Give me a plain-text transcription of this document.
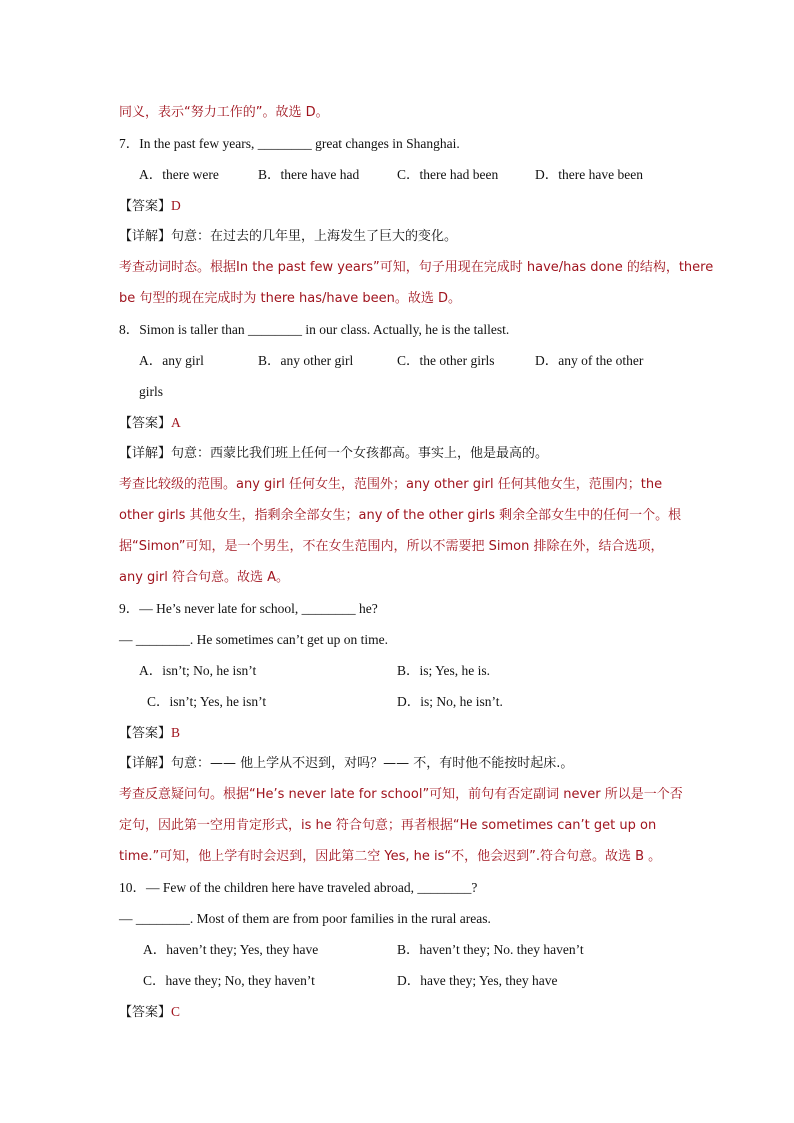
同义，表示“努力工作的”。故选 D。
7．In the past few years, ________ great changes in Shanghai.
A．there were	B．there have had	C．there had been	D．there have been
【答案】D
【详解】句意：在过去的几年里，上海发生了巨大的变化。
考查动词时态。根据In the past few years”可知，句子用现在完成时 have/has done 的结构，there
be 句型的现在完成时为 there has/have been。故选 D。
8．Simon is taller than ________ in our class. Actually, he is the tallest.
A．any girl	B．any other girl	C．the other girls	D．any of the other
girls
【答案】A
【详解】句意：西蒙比我们班上任何一个女孩都高。事实上，他是最高的。
考查比较级的范围。any girl 任何女生，范围外；any other girl 任何其他女生，范围内；the
other girls 其他女生，指剩余全部女生；any of the other girls 剩余全部女生中的任何一个。根
据“Simon”可知，是一个男生，不在女生范围内，所以不需要把 Simon 排除在外，结合选项，
any girl 符合句意。故选 A。
9．— He’s never late for school, ________ he?
— ________. He sometimes can’t get up on time.
A．isn’t; No, he isn’t	B．is; Yes, he is.
C．isn’t; Yes, he isn’t	D．is; No, he isn’t.
【答案】B
【详解】句意：—— 他上学从不迟到，对吗？—— 不，有时他不能按时起床.。
考查反意疑问句。根据“He’s never late for school”可知，前句有否定副词 never 所以是一个否
定句，因此第一空用肯定形式，is he 符合句意；再者根据“He sometimes can’t get up on
time.”可知，他上学有时会迟到，因此第二空 Yes, he is“不，他会迟到”.符合句意。故选 B 。
10．— Few of the children here have traveled abroad, ________?
— ________. Most of them are from poor families in the rural areas.
A．haven’t they; Yes, they have	B．haven’t they; No. they haven’t
C．have they; No, they haven’t	D．have they; Yes, they have
【答案】C
